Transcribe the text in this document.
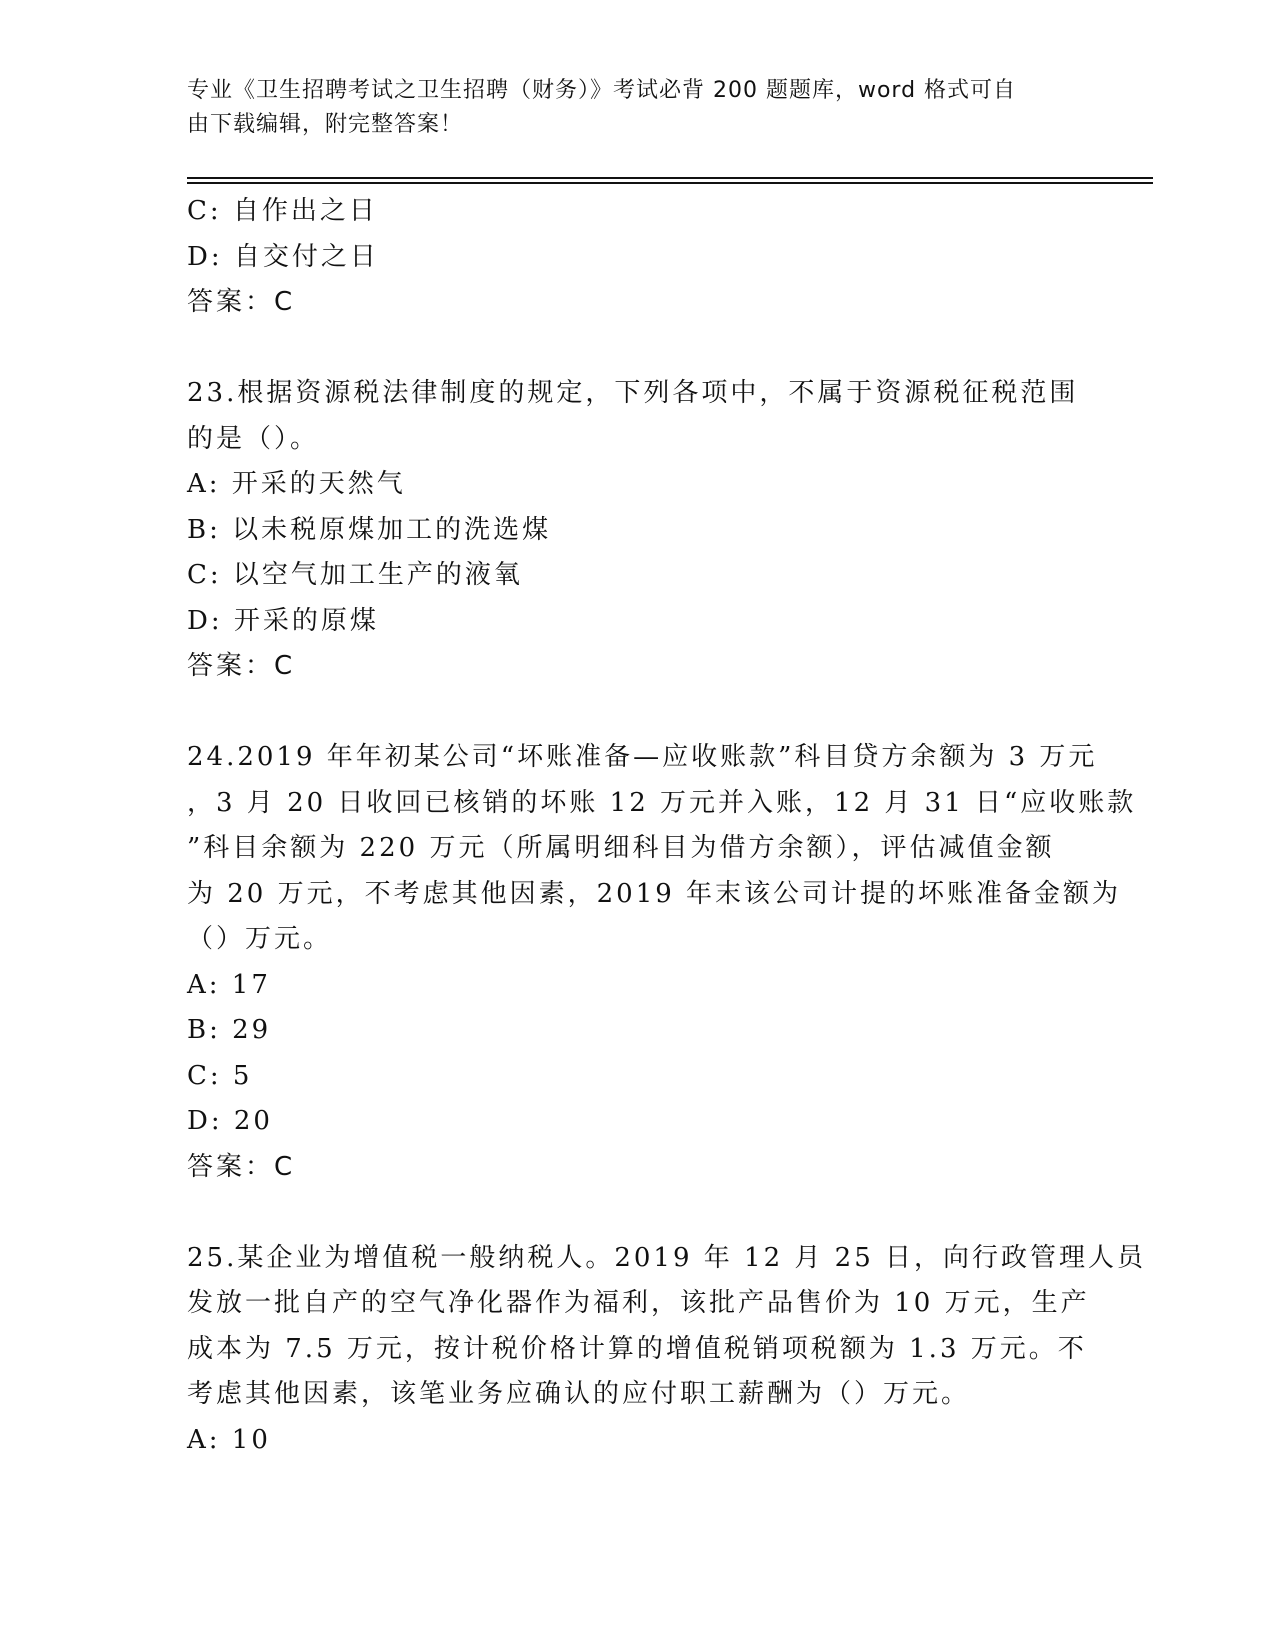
专业《卫生招聘考试之卫生招聘（财务）》考试必背 200 题题库，word 格式可自
由下载编辑，附完整答案！
C: 自作出之日
D: 自交付之日
答案：C
23.根据资源税法律制度的规定，下列各项中，不属于资源税征税范围
的是（）。
A: 开采的天然气
B: 以未税原煤加工的洗选煤
C: 以空气加工生产的液氧
D: 开采的原煤
答案：C
24.2019 年年初某公司“坏账准备—应收账款”科目贷方余额为 3 万元
，3 月 20 日收回已核销的坏账 12 万元并入账，12 月 31 日“应收账款
”科目余额为 220 万元（所属明细科目为借方余额），评估减值金额
为 20 万元，不考虑其他因素，2019 年末该公司计提的坏账准备金额为
（）万元。
A: 17
B: 29
C: 5
D: 20
答案：C
25.某企业为增值税一般纳税人。2019 年 12 月 25 日，向行政管理人员
发放一批自产的空气净化器作为福利，该批产品售价为 10 万元，生产
成本为 7.5 万元，按计税价格计算的增值税销项税额为 1.3 万元。不
考虑其他因素，该笔业务应确认的应付职工薪酬为（）万元。
A: 10
